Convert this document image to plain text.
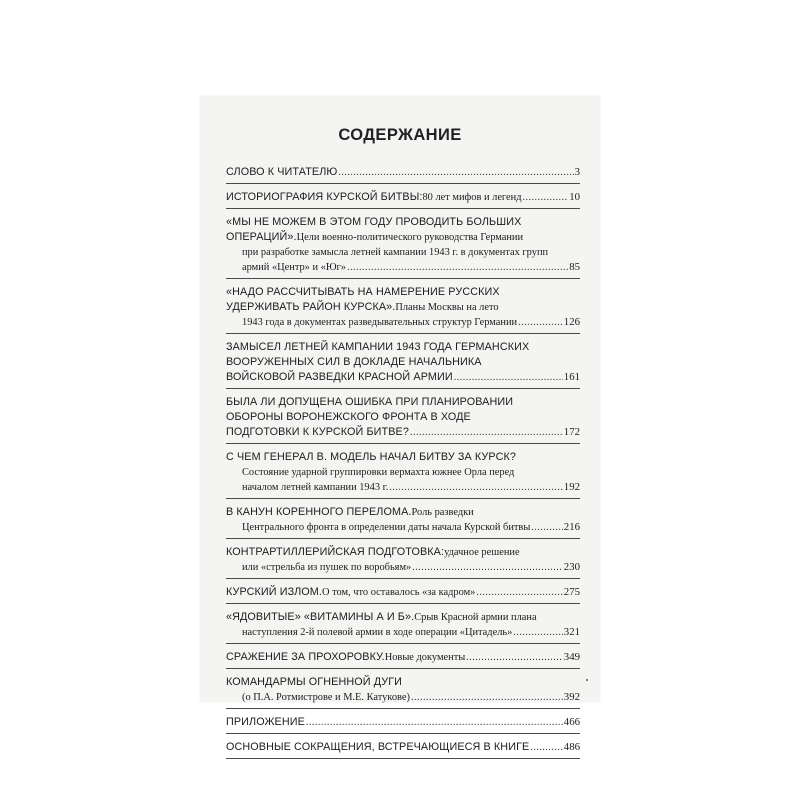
СОДЕРЖАНИЕ
СЛОВО К ЧИТАТЕЛЮ .....	3
ИСТОРИОГРАФИЯ КУРСКОЙ БИТВЫ: 80 лет мифов и легенд .....	10
«МЫ НЕ МОЖЕМ В ЭТОМ ГОДУ ПРОВОДИТЬ БОЛЬШИХ
ОПЕРАЦИЙ». Цели военно-политического руководства Германии
при разработке замысла летней кампании 1943 г. в документах групп
армий «Центр» и «Юг» .....	85
«НАДО РАССЧИТЫВАТЬ НА НАМЕРЕНИЕ РУССКИХ
УДЕРЖИВАТЬ РАЙОН КУРСКА». Планы Москвы на лето
1943 года в документах разведывательных структур Германии .....	126
ЗАМЫСЕЛ ЛЕТНЕЙ КАМПАНИИ 1943 ГОДА ГЕРМАНСКИХ
ВООРУЖЕННЫХ СИЛ В ДОКЛАДЕ НАЧАЛЬНИКА
ВОЙСКОВОЙ РАЗВЕДКИ КРАСНОЙ АРМИИ .....	161
БЫЛА ЛИ ДОПУЩЕНА ОШИБКА ПРИ ПЛАНИРОВАНИИ
ОБОРОНЫ ВОРОНЕЖСКОГО ФРОНТА В ХОДЕ
ПОДГОТОВКИ К КУРСКОЙ БИТВЕ? .....	172
С ЧЕМ ГЕНЕРАЛ В. МОДЕЛЬ НАЧАЛ БИТВУ ЗА КУРСК?
Состояние ударной группировки вермахта южнее Орла перед
началом летней кампании 1943 г. .....	192
В КАНУН КОРЕННОГО ПЕРЕЛОМА. Роль разведки
Центрального фронта в определении даты начала Курской битвы .....	216
КОНТРАРТИЛЛЕРИЙСКАЯ ПОДГОТОВКА: удачное решение
или «стрельба из пушек по воробьям» .....	230
КУРСКИЙ ИЗЛОМ. О том, что оставалось «за кадром» .....	275
«ЯДОВИТЫЕ» «ВИТАМИНЫ А И Б». Срыв Красной армии плана
наступления 2-й полевой армии в ходе операции «Цитадель» .....	321
СРАЖЕНИЕ ЗА ПРОХОРОВКУ. Новые документы .....	349
КОМАНДАРМЫ ОГНЕННОЙ ДУГИ
(о П.А. Ротмистрове и М.Е. Катукове) .....	392
ПРИЛОЖЕНИЕ .....	466
ОСНОВНЫЕ СОКРАЩЕНИЯ, ВСТРЕЧАЮЩИЕСЯ В КНИГЕ .....	486
